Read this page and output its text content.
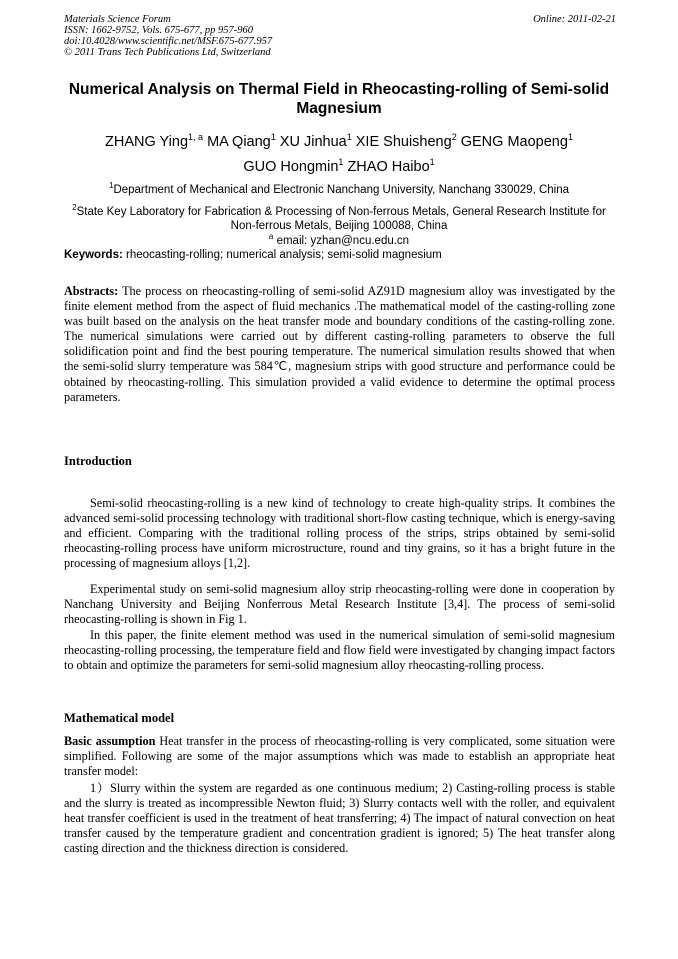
Materials Science Forum
ISSN: 1662-9752, Vols. 675-677, pp 957-960
doi:10.4028/www.scientific.net/MSF.675-677.957
© 2011 Trans Tech Publications Ltd, Switzerland
Online: 2011-02-21
Numerical Analysis on Thermal Field in Rheocasting-rolling of Semi-solid Magnesium
ZHANG Ying$^{1, a}$ MA Qiang$^1$ XU Jinhua$^1$ XIE Shuisheng$^2$ GENG Maopeng$^1$
GUO Hongmin$^1$ ZHAO Haibo$^1$
$^1$Department of Mechanical and Electronic Nanchang University, Nanchang 330029, China
$^2$State Key Laboratory for Fabrication & Processing of Non-ferrous Metals, General Research Institute for Non-ferrous Metals, Beijing 100088, China
$^a$ email: yzhan@ncu.edu.cn
Keywords: rheocasting-rolling; numerical analysis; semi-solid magnesium
Abstracts: The process on rheocasting-rolling of semi-solid AZ91D magnesium alloy was investigated by the finite element method from the aspect of fluid mechanics .The mathematical model of the casting-rolling zone was built based on the analysis on the heat transfer mode and boundary conditions of the casting-rolling zone. The numerical simulations were carried out by different casting-rolling parameters to observe the full solidification point and find the best pouring temperature. The numerical simulation results showed that when the semi-solid slurry temperature was 584℃, magnesium strips with good structure and performance could be obtained by rheocasting-rolling. This simulation provided a valid evidence to determine the optimal process parameters.
Introduction
Semi-solid rheocasting-rolling is a new kind of technology to create high-quality strips. It combines the advanced semi-solid processing technology with traditional short-flow casting technique, which is energy-saving and efficient. Comparing with the traditional rolling process of the strips, strips obtained by semi-solid rheocasting-rolling process have uniform microstructure, round and tiny grains, so it has a bright future in the processing of magnesium alloys [1,2].
Experimental study on semi-solid magnesium alloy strip rheocasting-rolling were done in cooperation by Nanchang University and Beijing Nonferrous Metal Research Institute [3,4]. The process of semi-solid rheocasting-rolling is shown in Fig 1.
In this paper, the finite element method was used in the numerical simulation of semi-solid magnesium rheocasting-rolling processing, the temperature field and flow field were investigated by changing impact factors to obtain and optimize the parameters for semi-solid magnesium alloy rheocasting-rolling process.
Mathematical model
Basic assumption Heat transfer in the process of rheocasting-rolling is very complicated, some situation were simplified. Following are some of the major assumptions which was made to establish an appropriate heat transfer model:
1）Slurry within the system are regarded as one continuous medium; 2) Casting-rolling process is stable and the slurry is treated as incompressible Newton fluid; 3) Slurry contacts well with the roller, and equivalent heat transfer coefficient is used in the treatment of heat transferring; 4) The impact of natural convection on heat transfer caused by the temperature gradient and concentration gradient is ignored; 5) The heat transfer along casting direction and the thickness direction is considered.
